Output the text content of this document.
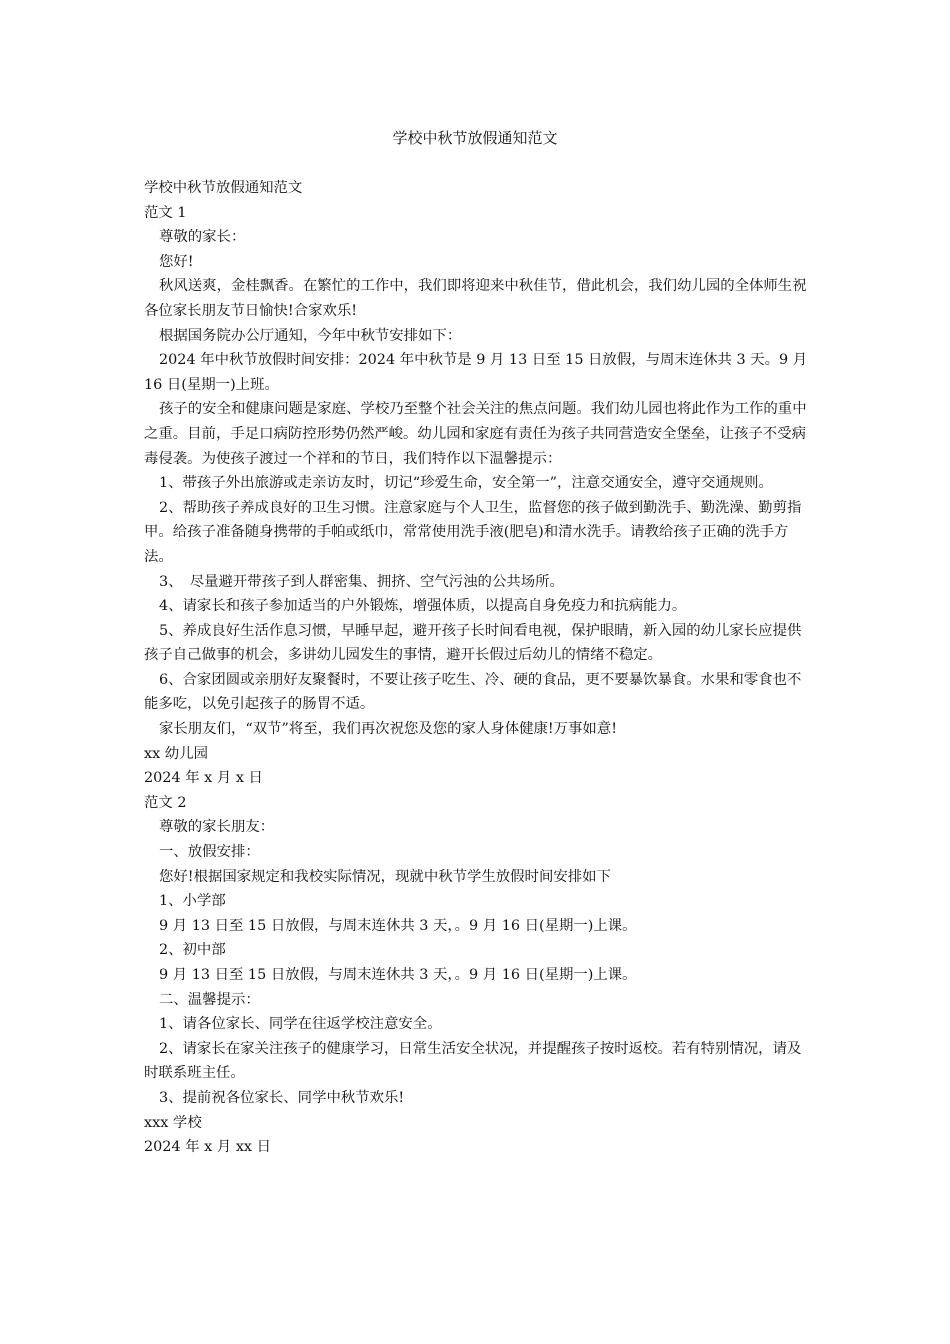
学校中秋节放假通知范文

学校中秋节放假通知范文

范文 1

尊敬的家长：

您好!

秋风送爽，金桂飘香。在繁忙的工作中，我们即将迎来中秋佳节，借此机会，我们幼儿园的全体师生祝各位家长朋友节日愉快!合家欢乐!

根据国务院办公厅通知，今年中秋节安排如下：

2024 年中秋节放假时间安排：2024 年中秋节是 9 月 13 日至 15 日放假，与周末连休共 3 天。9 月 16 日(星期一)上班。

孩子的安全和健康问题是家庭、学校乃至整个社会关注的焦点问题。我们幼儿园也将此作为工作的重中之重。目前，手足口病防控形势仍然严峻。幼儿园和家庭有责任为孩子共同营造安全堡垒，让孩子不受病毒侵袭。为使孩子渡过一个祥和的节日，我们特作以下温馨提示：

1、带孩子外出旅游或走亲访友时，切记“珍爱生命，安全第一”，注意交通安全，遵守交通规则。

2、帮助孩子养成良好的卫生习惯。注意家庭与个人卫生，监督您的孩子做到勤洗手、勤洗澡、勤剪指甲。给孩子准备随身携带的手帕或纸巾，常常使用洗手液(肥皂)和清水洗手。请教给孩子正确的洗手方法。

3、　尽量避开带孩子到人群密集、拥挤、空气污浊的公共场所。

4、请家长和孩子参加适当的户外锻炼，增强体质，以提高自身免疫力和抗病能力。

5、养成良好生活作息习惯，早睡早起，避开孩子长时间看电视，保护眼睛，新入园的幼儿家长应提供孩子自己做事的机会，多讲幼儿园发生的事情，避开长假过后幼儿的情绪不稳定。

6、合家团圆或亲朋好友聚餐时，不要让孩子吃生、冷、硬的食品，更不要暴饮暴食。水果和零食也不能多吃，以免引起孩子的肠胃不适。

家长朋友们，“双节”将至，我们再次祝您及您的家人身体健康!万事如意!

xx 幼儿园

2024 年 x 月 x 日

范文 2

尊敬的家长朋友：

一、放假安排：

您好!根据国家规定和我校实际情况，现就中秋节学生放假时间安排如下

1、小学部

9 月 13 日至 15 日放假，与周末连休共 3 天，。9 月 16 日(星期一)上课。

2、初中部

9 月 13 日至 15 日放假，与周末连休共 3 天，。9 月 16 日(星期一)上课。

二、温馨提示：

1、请各位家长、同学在往返学校注意安全。

2、请家长在家关注孩子的健康学习，日常生活安全状况，并提醒孩子按时返校。若有特别情况，请及时联系班主任。

3、提前祝各位家长、同学中秋节欢乐!

xxx 学校

2024 年 x 月 xx 日
